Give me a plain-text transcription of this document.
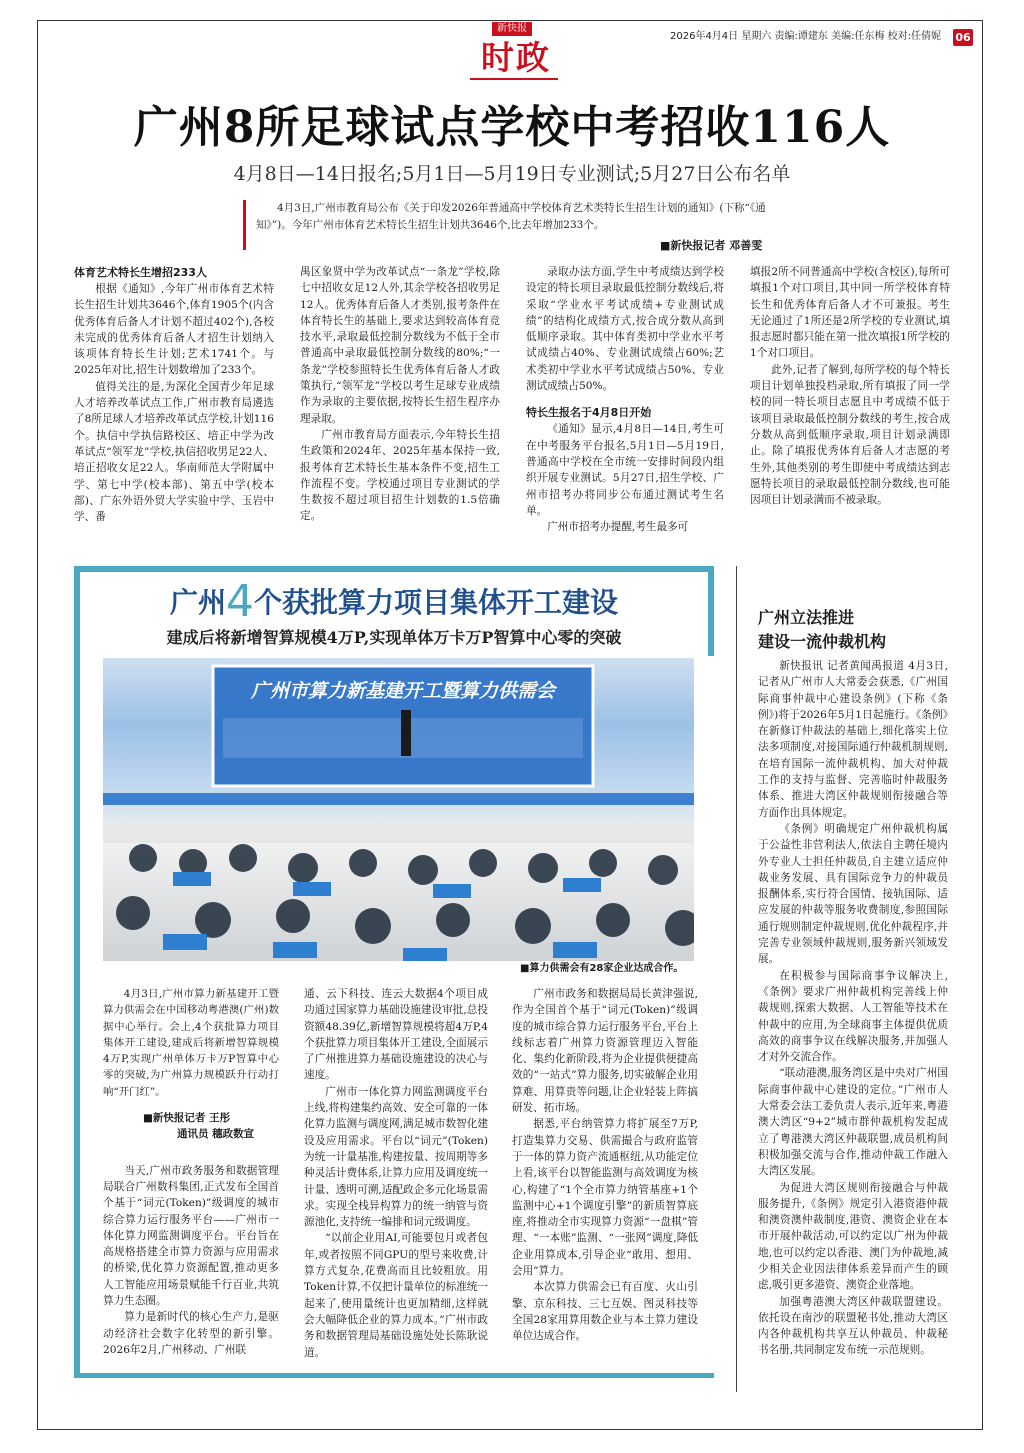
新快报
时政
2026年4月4日 星期六 责编:谭建东 美编:任东梅 校对:任倩妮	06
广州8所足球试点学校中考招收116人
4月8日—14日报名;5月1日—5月19日专业测试;5月27日公布名单
4月3日,广州市教育局公布《关于印发2026年普通高中学校体育艺术类特长生招生计划的通知》(下称“《通知》”)。今年广州市体育艺术特长生招生计划共3646个,比去年增加233个。
■新快报记者 邓善雯
体育艺术特长生增招233人

根据《通知》,今年广州市体育艺术特长生招生计划共3646个,体育1905个(内含优秀体育后备人才计划不超过402个),各校未完成的优秀体育后备人才招生计划纳入该项体育特长生计划;艺术1741个。与2025年对比,招生计划数增加了233个。

值得关注的是,为深化全国青少年足球人才培养改革试点工作,广州市教育局遴选了8所足球人才培养改革试点学校,计划116个。执信中学执信路校区、培正中学为改革试点“领军龙”学校,执信招收男足22人、培正招收女足22人。华南师范大学附属中学、第七中学(校本部)、第五中学(校本部)、广东外语外贸大学实验中学、玉岩中学、番

禺区象贤中学为改革试点“一条龙”学校,除七中招收女足12人外,其余学校各招收男足12人。优秀体育后备人才类别,报考条件在体育特长生的基础上,要求达到较高体育竞技水平,录取最低控制分数线为不低于全市普通高中录取最低控制分数线的80%;“一条龙”学校参照特长生优秀体育后备人才政策执行,“领军龙”学校以考生足球专业成绩作为录取的主要依据,按特长生招生程序办理录取。

广州市教育局方面表示,今年特长生招生政策和2024年、2025年基本保持一致,报考体育艺术特长生基本条件不变,招生工作流程不变。学校通过项目专业测试的学生数按不超过项目招生计划数的1.5倍确定。

录取办法方面,学生中考成绩达到学校设定的特长项目录取最低控制分数线后,将采取“学业水平考试成绩+专业测试成绩”的结构化成绩方式,按合成分数从高到低顺序录取。其中体育类初中学业水平考试成绩占40%、专业测试成绩占60%;艺术类初中学业水平考试成绩占50%、专业测试成绩占50%。

特长生报名于4月8日开始

《通知》显示,4月8日—14日,考生可在中考服务平台报名,5月1日—5月19日,普通高中学校在全市统一安排时间段内组织开展专业测试。5月27日,招生学校、广州市招考办将同步公布通过测试考生名单。

广州市招考办提醒,考生最多可

填报2所不同普通高中学校(含校区),每所可填报1个对口项目,其中同一所学校体育特长生和优秀体育后备人才不可兼报。考生无论通过了1所还是2所学校的专业测试,填报志愿时都只能在第一批次填报1所学校的1个对口项目。

此外,记者了解到,每所学校的每个特长项目计划单独投档录取,所有填报了同一学校的同一特长项目志愿且中考成绩不低于该项目录取最低控制分数线的考生,按合成分数从高到低顺序录取,项目计划录满即止。除了填报优秀体育后备人才志愿的考生外,其他类别的考生即使中考成绩达到志愿特长项目的录取最低控制分数线,也可能因项目计划录满而不被录取。

广州4个获批算力项目集体开工建设
建成后将新增智算规模4万P,实现单体万卡万P智算中心零的突破
广州市算力新基建开工暨算力供需会
■算力供需会有28家企业达成合作。

4月3日,广州市算力新基建开工暨算力供需会在中国移动粤港澳(广州)数据中心举行。会上,4个获批算力项目集体开工建设,建成后将新增智算规模4万P,实现广州单体万卡万P智算中心零的突破,为广州算力规模跃升行动打响“开门红”。

■新快报记者 王彤
通讯员 穗政数宣

当天,广州市政务服务和数据管理局联合广州数科集团,正式发布全国首个基于“词元(Token)”级调度的城市综合算力运行服务平台——广州市一体化算力网监测调度平台。平台旨在高规格搭建全市算力资源与应用需求的桥梁,优化算力资源配置,推动更多人工智能应用场景赋能千行百业,共筑算力生态圈。

算力是新时代的核心生产力,是驱动经济社会数字化转型的新引擎。2026年2月,广州移动、广州联

通、云下科技、连云大数据4个项目成功通过国家算力基础设施建设审批,总投资额48.39亿,新增智算规模将超4万P,4个获批算力项目集体开工建设,全面展示了广州推进算力基础设施建设的决心与速度。

广州市一体化算力网监测调度平台上线,将构建集约高效、安全可靠的一体化算力监测与调度网,满足城市数智化建设及应用需求。平台以“词元”(Token)为统一计量基准,构建按量、按周期等多种灵活计费体系,让算力应用及调度统一计量、透明可溯,适配政企多元化场景需求。实现全栈异构算力的统一纳管与资源池化,支持统一编排和词元级调度。

“以前企业用AI,可能要包月或者包年,或者按照不同GPU的型号来收费,计算方式复杂,花费高而且比较粗放。用Token计算,不仅把计量单位的标准统一起来了,使用量统计也更加精细,这样就会大幅降低企业的算力成本。”广州市政务和数据管理局基础设施处处长陈耿说道。

广州市政务和数据局局长黄津强说,作为全国首个基于“词元(Token)”级调度的城市综合算力运行服务平台,平台上线标志着广州算力资源管理迈入智能化、集约化新阶段,将为企业提供便捷高效的“一站式”算力服务,切实破解企业用算难、用算贵等问题,让企业轻装上阵搞研发、拓市场。

据悉,平台纳管算力将扩展至7万P,打造集算力交易、供需撮合与政府监管于一体的算力资产流通枢纽,从功能定位上看,该平台以智能监测与高效调度为核心,构建了“1个全市算力纳管基座+1个监测中心+1个调度引擎”的新质智算底座,将推动全市实现算力资源“一盘棋”管理、“一本账”监测、“一张网”调度,降低企业用算成本,引导企业“敢用、想用、会用”算力。

本次算力供需会已有百度、火山引擎、京东科技、三七互娱、图灵科技等全国28家用算用数企业与本土算力建设单位达成合作。

广州立法推进
建设一流仲裁机构

新快报讯 记者黄闻禹报道 4月3日,记者从广州市人大常委会获悉,《广州国际商事仲裁中心建设条例》(下称《条例》)将于2026年5月1日起施行。《条例》在新修订仲裁法的基础上,细化落实上位法多项制度,对接国际通行仲裁机制规则,在培育国际一流仲裁机构、加大对仲裁工作的支持与监督、完善临时仲裁服务体系、推进大湾区仲裁规则衔接融合等方面作出具体规定。

《条例》明确规定广州仲裁机构属于公益性非营利法人,依法自主聘任境内外专业人士担任仲裁员,自主建立适应仲裁业务发展、具有国际竞争力的仲裁员报酬体系,实行符合国情、接轨国际、适应发展的仲裁等服务收费制度,参照国际通行规则制定仲裁规则,优化仲裁程序,并完善专业领域仲裁规则,服务新兴领域发展。

在积极参与国际商事争议解决上,《条例》要求广州仲裁机构完善线上仲裁规则,探索大数据、人工智能等技术在仲裁中的应用,为全球商事主体提供优质高效的商事争议在线解决服务,并加强人才对外交流合作。

“联动港澳,服务湾区是中央对广州国际商事仲裁中心建设的定位。”广州市人大常委会法工委负责人表示,近年来,粤港澳大湾区“9+2”城市群仲裁机构发起成立了粤港澳大湾区仲裁联盟,成员机构间积极加强交流与合作,推动仲裁工作融入大湾区发展。

为促进大湾区规则衔接融合与仲裁服务提升,《条例》规定引入港资港仲裁和澳资澳仲裁制度,港资、澳资企业在本市开展仲裁活动,可以约定以广州为仲裁地,也可以约定以香港、澳门为仲裁地,减少相关企业因法律体系差异而产生的顾虑,吸引更多港资、澳资企业落地。

加强粤港澳大湾区仲裁联盟建设。依托设在南沙的联盟秘书处,推动大湾区内各仲裁机构共享互认仲裁员、仲裁秘书名册,共同制定发布统一示范规则。
